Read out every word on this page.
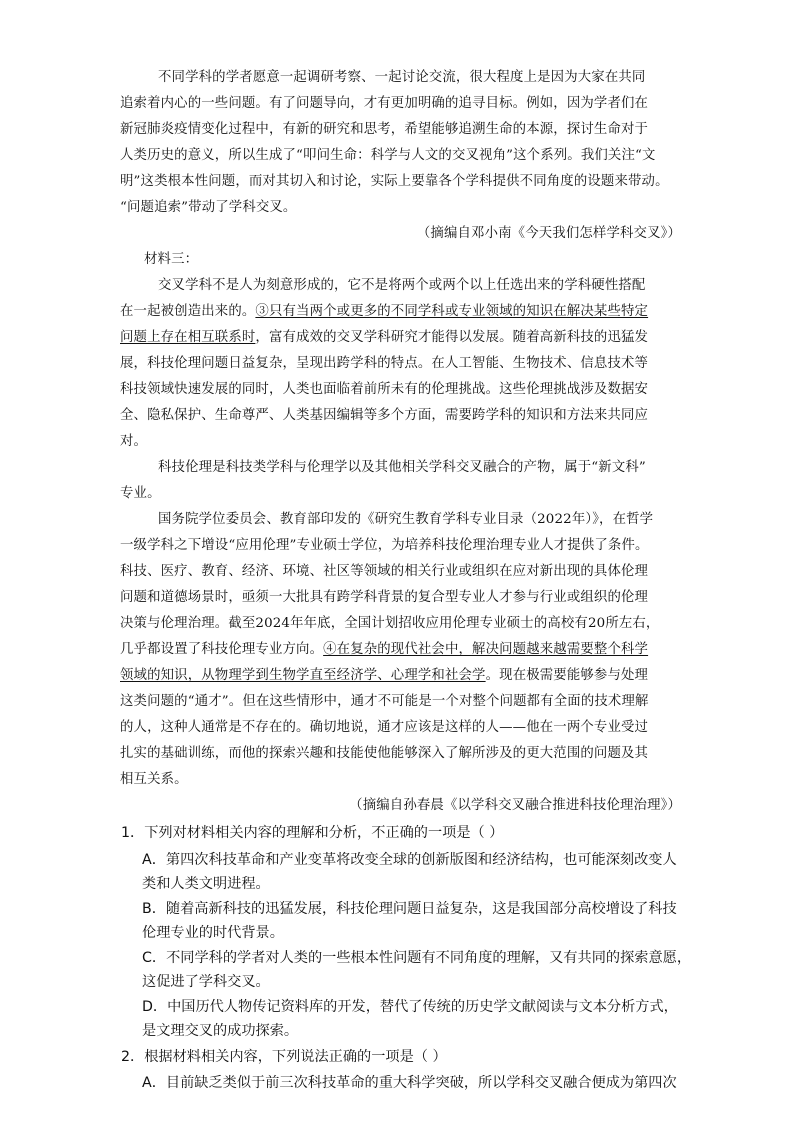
不同学科的学者愿意一起调研考察、一起讨论交流，很大程度上是因为大家在共同
追索着内心的一些问题。有了问题导向，才有更加明确的追寻目标。例如，因为学者们在
新冠肺炎疫情变化过程中，有新的研究和思考，希望能够追溯生命的本源，探讨生命对于
人类历史的意义，所以生成了“叩问生命：科学与人文的交叉视角”这个系列。我们关注“文
明”这类根本性问题，而对其切入和讨论，实际上要靠各个学科提供不同角度的设题来带动。
“问题追索”带动了学科交叉。
（摘编自邓小南《今天我们怎样学科交叉》）
材料三：
交叉学科不是人为刻意形成的，它不是将两个或两个以上任选出来的学科硬性搭配
在一起被创造出来的。③只有当两个或更多的不同学科或专业领域的知识在解决某些特定
问题上存在相互联系时，富有成效的交叉学科研究才能得以发展。随着高新科技的迅猛发
展，科技伦理问题日益复杂，呈现出跨学科的特点。在人工智能、生物技术、信息技术等
科技领域快速发展的同时，人类也面临着前所未有的伦理挑战。这些伦理挑战涉及数据安
全、隐私保护、生命尊严、人类基因编辑等多个方面，需要跨学科的知识和方法来共同应
对。
科技伦理是科技类学科与伦理学以及其他相关学科交叉融合的产物，属于“新文科”
专业。
国务院学位委员会、教育部印发的《研究生教育学科专业目录（2022年）》，在哲学
一级学科之下增设“应用伦理”专业硕士学位，为培养科技伦理治理专业人才提供了条件。
科技、医疗、教育、经济、环境、社区等领域的相关行业或组织在应对新出现的具体伦理
问题和道德场景时，亟须一大批具有跨学科背景的复合型专业人才参与行业或组织的伦理
决策与伦理治理。截至2024年年底，全国计划招收应用伦理专业硕士的高校有20所左右，
几乎都设置了科技伦理专业方向。④在复杂的现代社会中，解决问题越来越需要整个科学
领域的知识，从物理学到生物学直至经济学、心理学和社会学。现在极需要能够参与处理
这类问题的“通才”。但在这些情形中，通才不可能是一个对整个问题都有全面的技术理解
的人，这种人通常是不存在的。确切地说，通才应该是这样的人——他在一两个专业受过
扎实的基础训练，而他的探索兴趣和技能使他能够深入了解所涉及的更大范围的问题及其
相互关系。
（摘编自孙春晨《以学科交叉融合推进科技伦理治理》）
1．下列对材料相关内容的理解和分析，不正确的一项是（ ）
A．第四次科技革命和产业变革将改变全球的创新版图和经济结构，也可能深刻改变人
类和人类文明进程。
B．随着高新科技的迅猛发展，科技伦理问题日益复杂，这是我国部分高校增设了科技
伦理专业的时代背景。
C．不同学科的学者对人类的一些根本性问题有不同角度的理解，又有共同的探索意愿，
这促进了学科交叉。
D．中国历代人物传记资料库的开发，替代了传统的历史学文献阅读与文本分析方式，
是文理交叉的成功探索。
2．根据材料相关内容，下列说法正确的一项是（ ）
A．目前缺乏类似于前三次科技革命的重大科学突破，所以学科交叉融合便成为第四次
